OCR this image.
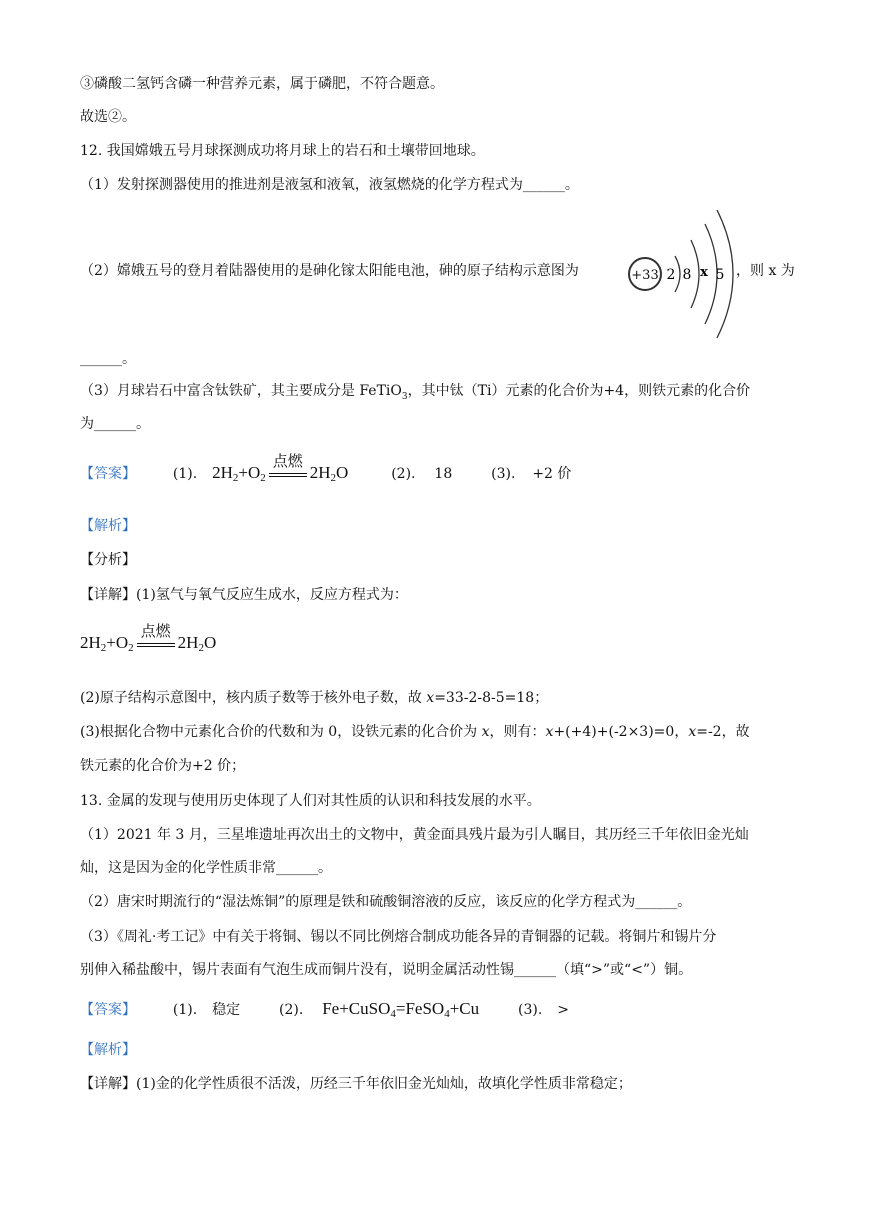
③磷酸二氢钙含磷一种营养元素，属于磷肥，不符合题意。
故选②。
12. 我国嫦娥五号月球探测成功将月球上的岩石和土壤带回地球。
（1）发射探测器使用的推进剂是液氢和液氧，液氢燃烧的化学方程式为______。
（2）嫦娥五号的登月着陆器使用的是砷化镓太阳能电池，砷的原子结构示意图为	，则 x 为
+33 2 8 x 5
______。
（3）月球岩石中富含钛铁矿，其主要成分是 FeTiO$_3$，其中钛（Ti）元素的化合价为+4，则铁元素的化合价
为______。
【答案】	(1). $2H_2+O_2$
点燃
$2H_2O$	(2). 18	(3). +2 价
【解析】
【分析】
【详解】(1)氢气与氧气反应生成水，反应方程式为：
$2H_2+O_2$
点燃
$2H_2O$
(2)原子结构示意图中，核内质子数等于核外电子数，故 x=33-2-8-5=18；
(3)根据化合物中元素化合价的代数和为 0，设铁元素的化合价为 x，则有：x+(+4)+(-2×3)=0，x=-2，故
铁元素的化合价为+2 价；
13. 金属的发现与使用历史体现了人们对其性质的认识和科技发展的水平。
（1）2021 年 3 月，三星堆遗址再次出土的文物中，黄金面具残片最为引人瞩目，其历经三千年依旧金光灿
灿，这是因为金的化学性质非常______。
（2）唐宋时期流行的“湿法炼铜”的原理是铁和硫酸铜溶液的反应，该反应的化学方程式为______。
（3）《周礼·考工记》中有关于将铜、锡以不同比例熔合制成功能各异的青铜器的记载。将铜片和锡片分
别伸入稀盐酸中，锡片表面有气泡生成而铜片没有，说明金属活动性锡______（填“>”或“<”）铜。
【答案】	(1). 稳定	(2). Fe+CuSO$_4$=FeSO$_4$+Cu	(3). >
【解析】
【详解】(1)金的化学性质很不活泼，历经三千年依旧金光灿灿，故填化学性质非常稳定；
